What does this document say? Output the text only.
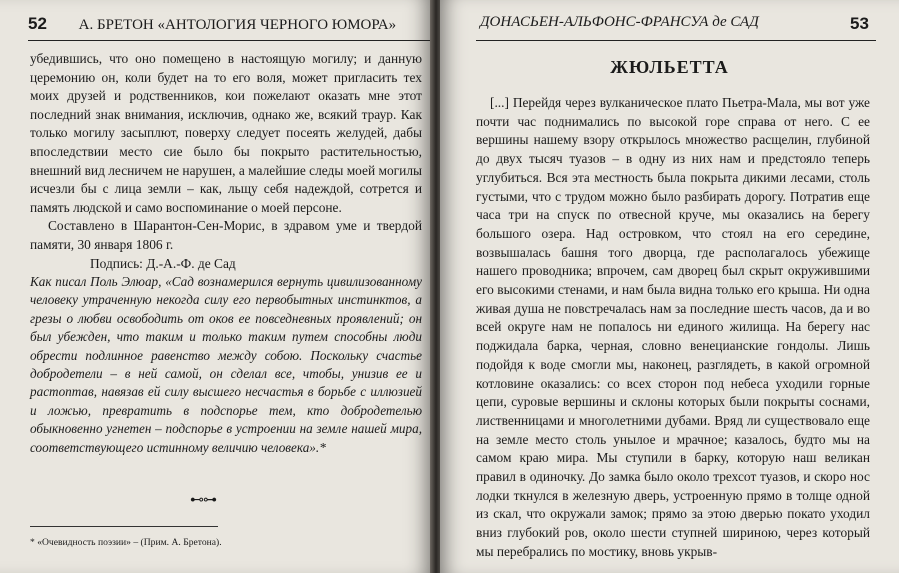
52 А. БРЕТОН «АНТОЛОГИЯ ЧЕРНОГО ЮМОРА»

убедившись, что оно помещено в настоящую могилу; и данную церемонию он, коли будет на то его воля, может пригласить тех моих друзей и родственников, кои пожелают оказать мне этот последний знак внимания, исключив, однако же, всякий траур. Как только могилу засыплют, поверху следует посеять желудей, дабы впоследствии место сие было бы покрыто растительностью, внешний вид лесничем не нарушен, а малейшие следы моей могилы исчезли бы с лица земли – как, льщу себя надеждой, сотрется и память людской и само воспоминание о моей персоне.

Составлено в Шарантон-Сен-Морис, в здравом уме и твердой памяти, 30 января 1806 г.

Подпись: Д.-А.-Ф. де Сад

Как писал Поль Элюар, «Сад вознамерился вернуть цивилизованному человеку утраченную некогда силу его первобытных инстинктов, а грезы о любви освободить от оков ее повседневных проявлений; он был убежден, что таким и только таким путем способны люди обрести подлинное равенство между собою. Поскольку счастье добродетели – в ней самой, он сделал все, чтобы, унизив ее и растоптав, навязав ей силу высшего несчастья в борьбе с иллюзией и ложью, превратить в подспорье тем, кто добродетелью обыкновенно угнетен – подспорье в устроении на земле нашей мира, соответствующего истинному величию человека».*

⊷⊶
* «Очевидность поэзии» – (Прим. А. Бретона).
ДОНАСЬЕН-АЛЬФОНС-ФРАНСУА де САД	53
ЖЮЛЬЕТТА

[...] Перейдя через вулканическое плато Пьетра-Мала, мы вот уже почти час поднимались по высокой горе справа от него. С ее вершины нашему взору открылось множество расщелин, глубиной до двух тысяч туазов – в одну из них нам и предстояло теперь углубиться. Вся эта местность была покрыта дикими лесами, столь густыми, что с трудом можно было разбирать дорогу. Потратив еще часа три на спуск по отвесной круче, мы оказались на берегу большого озера. Над островком, что стоял на его середине, возвышалась башня того дворца, где располагалось убежище нашего проводника; впрочем, сам дворец был скрыт окружившими его высокими стенами, и нам была видна только его крыша. Ни одна живая душа не повстречалась нам за последние шесть часов, да и во всей округе нам не попалось ни единого жилища. На берегу нас поджидала барка, черная, словно венецианские гондолы. Лишь подойдя к воде смогли мы, наконец, разглядеть, в какой огромной котловине оказались: со всех сторон под небеса уходили горные цепи, суровые вершины и склоны которых были покрыты соснами, лиственницами и многолетними дубами. Вряд ли существовало еще на земле место столь унылое и мрачное; казалось, будто мы на самом краю мира. Мы ступили в барку, которую наш великан правил в одиночку. До замка было около трехсот туазов, и скоро нос лодки ткнулся в железную дверь, устроенную прямо в толще одной из скал, что окружали замок; прямо за этою дверью покато уходил вниз глубокий ров, около шести ступней шириною, через который мы перебрались по мостику, вновь укрыв-
